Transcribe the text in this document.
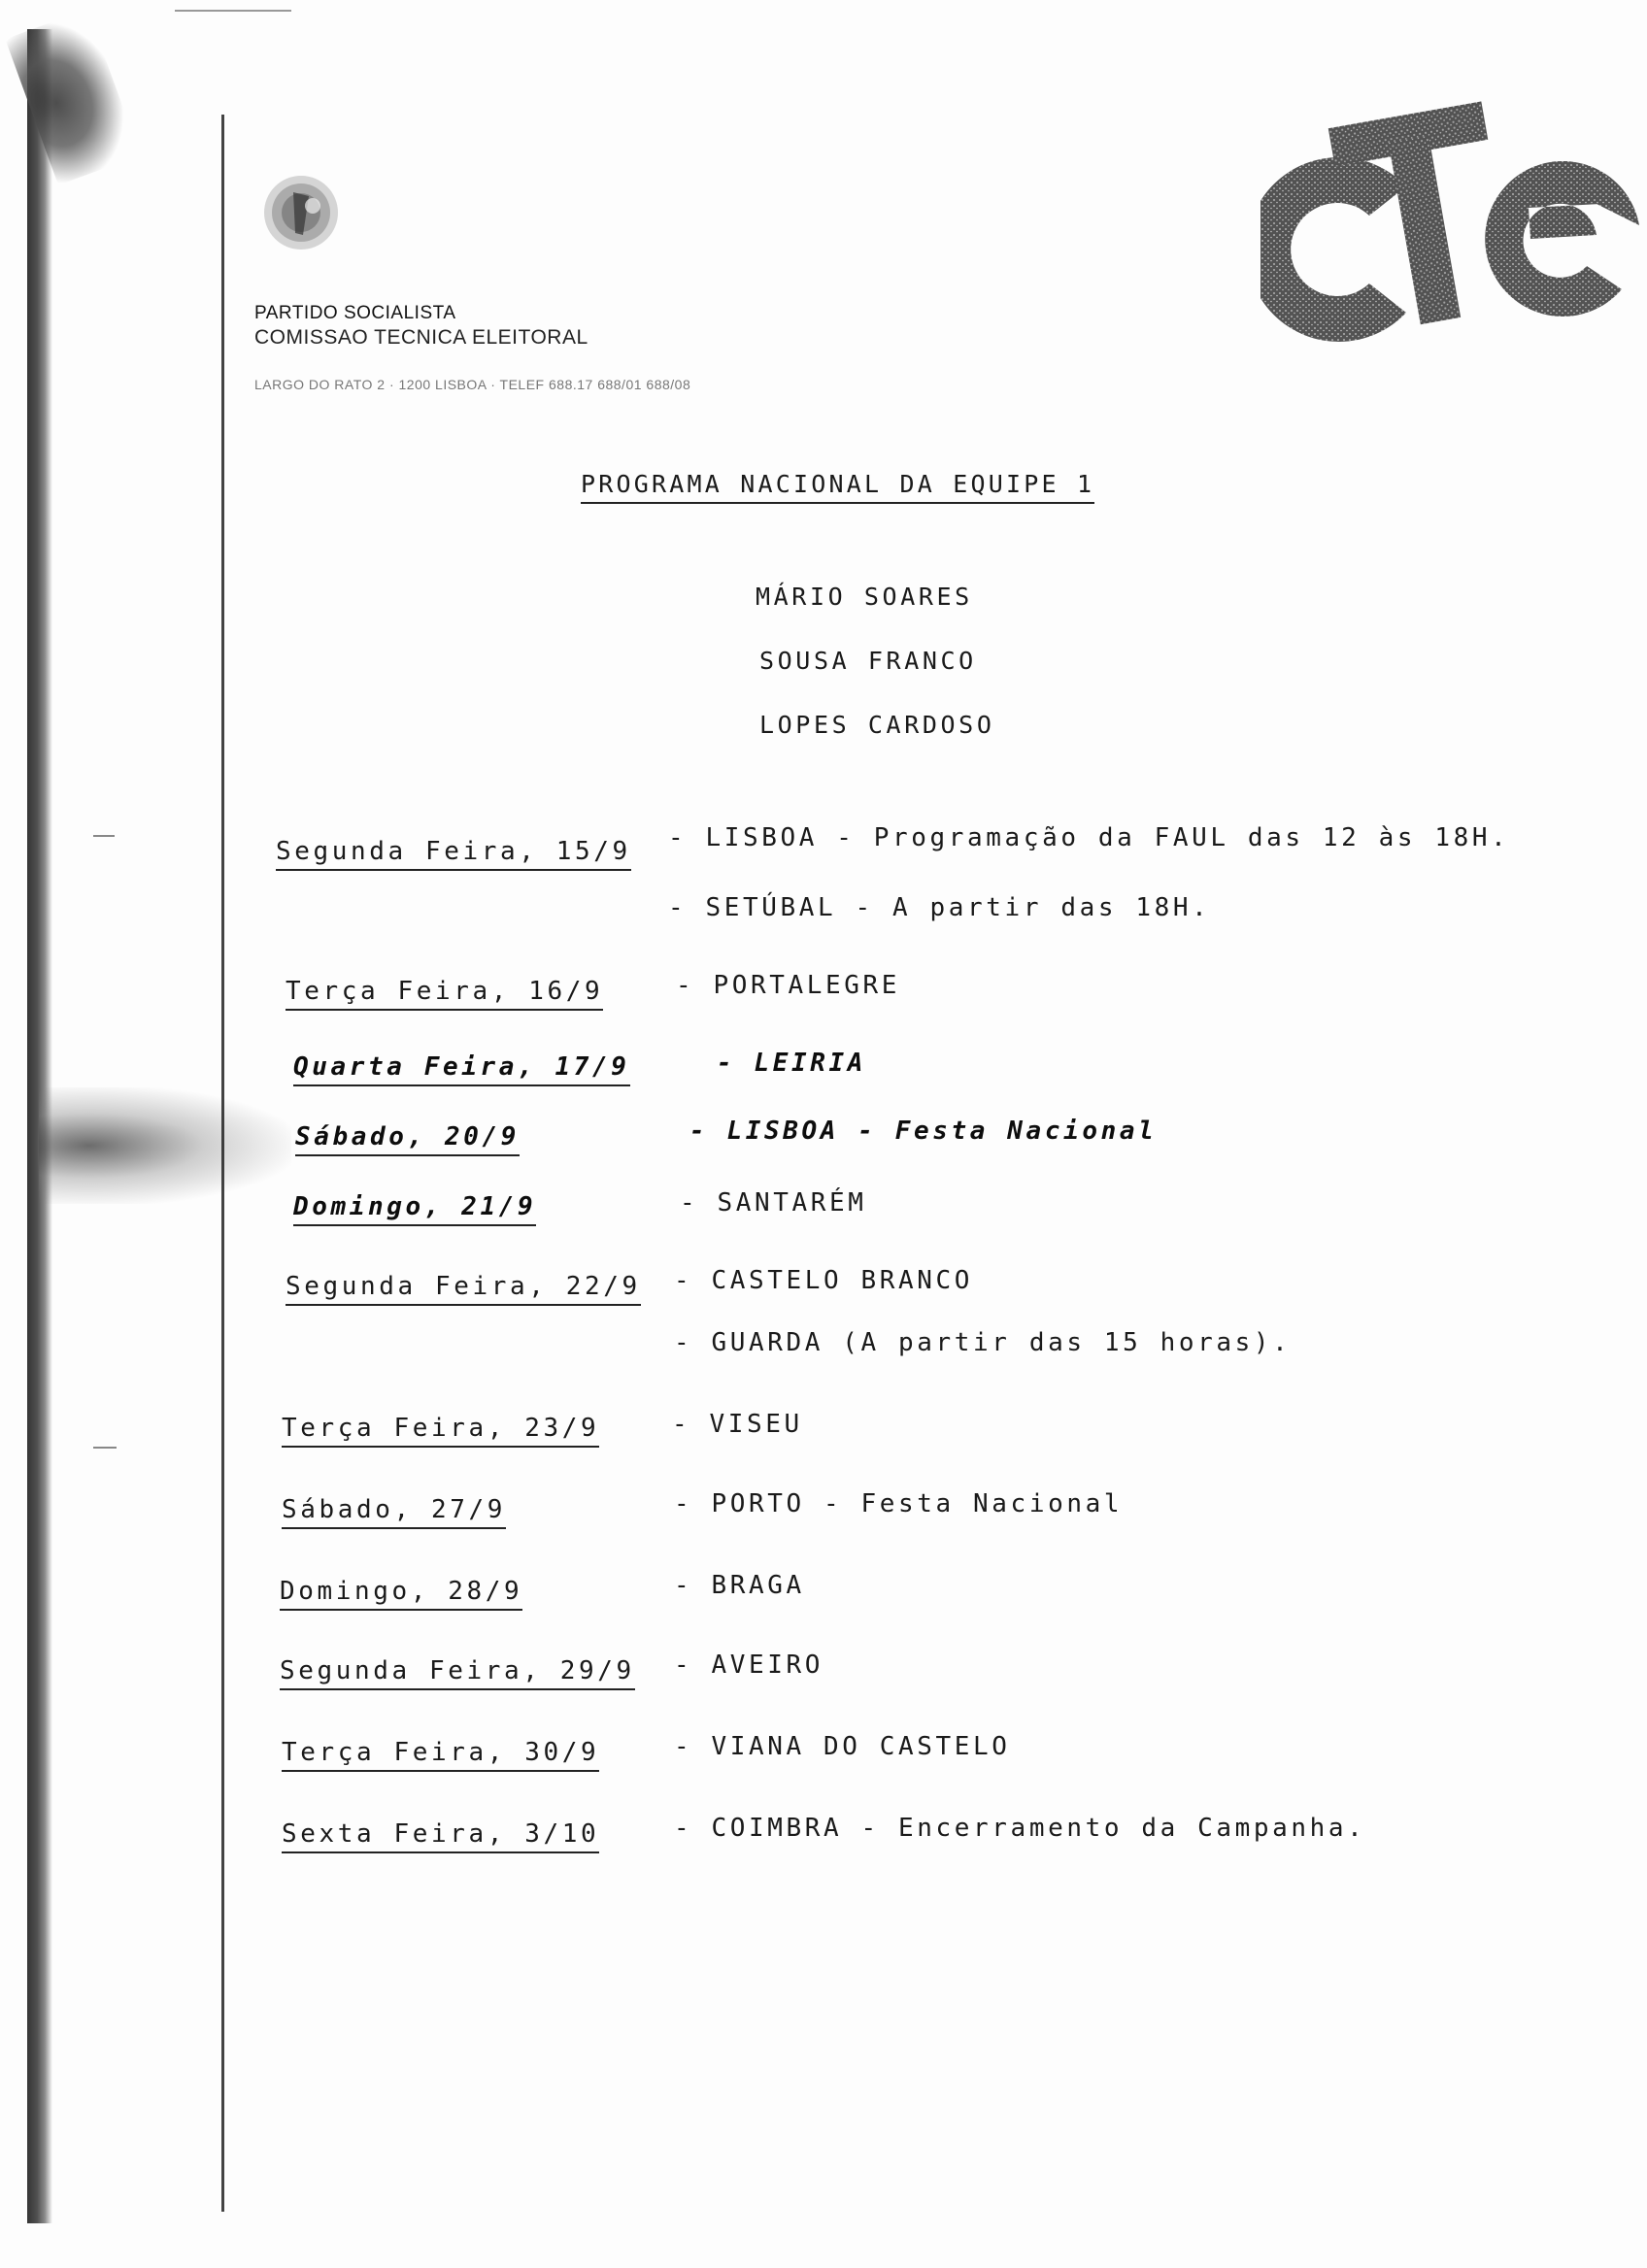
PARTIDO SOCIALISTA
COMISSAO TECNICA ELEITORAL
LARGO DO RATO 2 · 1200 LISBOA · TELEF 688.17 688/01 688/08
PROGRAMA NACIONAL DA EQUIPE 1
MÁRIO SOARES
SOUSA FRANCO
LOPES CARDOSO
Segunda Feira, 15/9 - LISBOA - Programação da FAUL das 12 às 18H.
- SETÚBAL - A partir das 18H.
Terça Feira, 16/9	- PORTALEGRE
Quarta Feira, 17/9	- LEIRIA
Sábado, 20/9	- LISBOA - Festa Nacional
Domingo, 21/9	- SANTARÉM
Segunda Feira, 22/9 - CASTELO BRANCO
- GUARDA (A partir das 15 horas).
Terça Feira, 23/9	- VISEU
Sábado, 27/9	- PORTO - Festa Nacional
Domingo, 28/9	- BRAGA
Segunda Feira, 29/9 - AVEIRO
Terça Feira, 30/9	- VIANA DO CASTELO
Sexta Feira, 3/10	- COIMBRA - Encerramento da Campanha.
